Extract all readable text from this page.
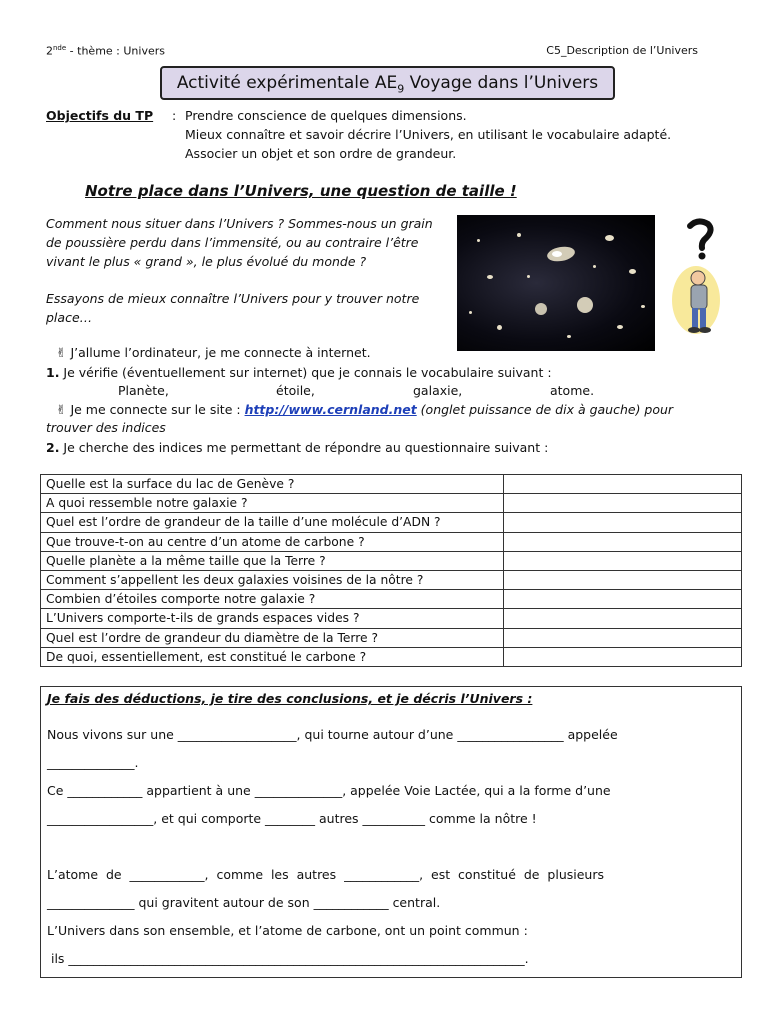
2nde - thème : Univers	C5_Description de l’Univers
Activité expérimentale $AE_9$ Voyage dans l’Univers
Objectifs du TP : Prendre conscience de quelques dimensions.
Mieux connaître et savoir décrire l’Univers, en utilisant le vocabulaire adapté.
Associer un objet et son ordre de grandeur.
Notre place dans l’Univers, une question de taille !
Comment nous situer dans l’Univers ? Sommes-nous un grain
de poussière perdu dans l’immensité, ou au contraire l’être
vivant le plus « grand », le plus évolué du monde ?
Essayons de mieux connaître l’Univers pour y trouver notre
place…
✌ J’allume l’ordinateur, je me connecte à internet.
1. Je vérifie (éventuellement sur internet) que je connais le vocabulaire suivant :
Planète,	étoile,	galaxie,	atome.
✌ Je me connecte sur le site : http://www.cernland.net (onglet puissance de dix à gauche) pour
trouver des indices
2. Je cherche des indices me permettant de répondre au questionnaire suivant :
Quelle est la surface du lac de Genève ?	
A quoi ressemble notre galaxie ?	
Quel est l’ordre de grandeur de la taille d’une molécule d’ADN ?	
Que trouve-t-on au centre d’un atome de carbone ?	
Quelle planète a la même taille que la Terre ?	
Comment s’appellent les deux galaxies voisines de la nôtre ?	
Combien d’étoiles comporte notre galaxie ?	
L’Univers comporte-t-ils de grands espaces vides ?	
Quel est l’ordre de grandeur du diamètre de la Terre ?	
De quoi, essentiellement, est constitué le carbone ?	
Je fais des déductions, je tire des conclusions, et je décris l’Univers :
Nous vivons sur une ___________________, qui tourne autour d’une _________________ appelée
______________.
Ce ____________ appartient à une ______________, appelée Voie Lactée, qui a la forme d’une
_________________, et qui comporte ________ autres __________ comme la nôtre !
L’atome  de  ____________,  comme  les  autres  ____________,  est  constitué  de  plusieurs
______________ qui gravitent autour de son ____________ central.
L’Univers dans son ensemble, et l’atome de carbone, ont un point commun :
ils _________________________________________________________________________.
